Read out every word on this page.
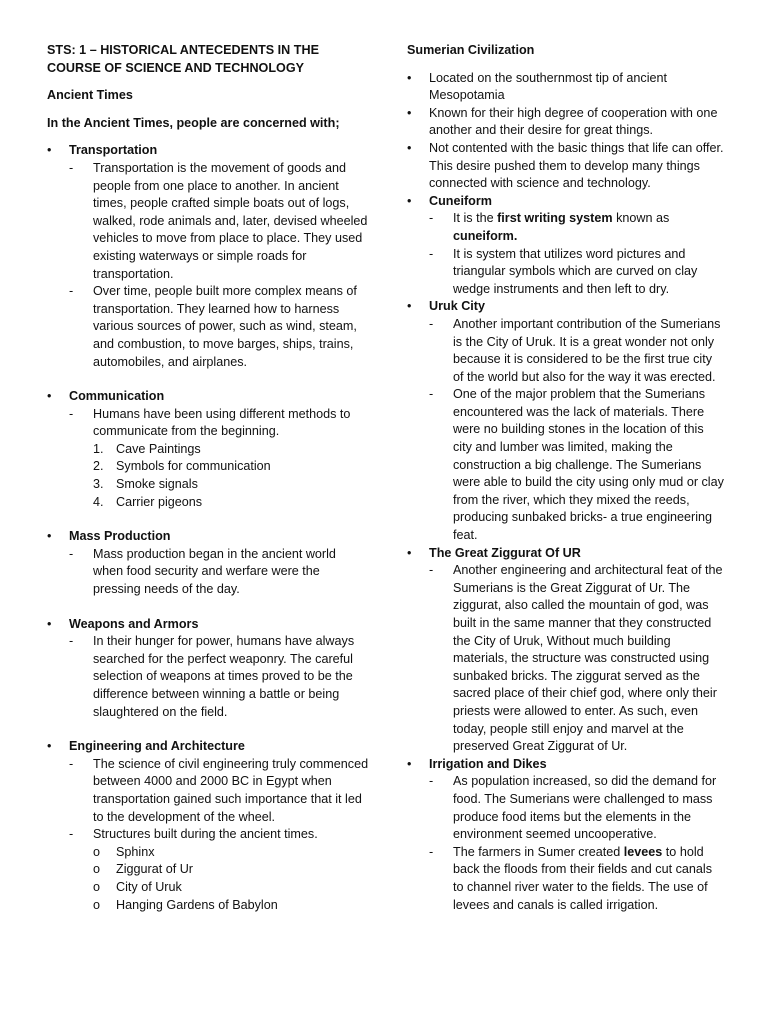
STS: 1 – HISTORICAL ANTECEDENTS IN THE COURSE OF SCIENCE AND TECHNOLOGY
Ancient Times
In the Ancient Times, people are concerned with;
•	Transportation
- Transportation is the movement of goods and people from one place to another. In ancient times, people crafted simple boats out of logs, walked, rode animals and, later, devised wheeled vehicles to move from place to place. They used existing waterways or simple roads for transportation.
- Over time, people built more complex means of transportation. They learned how to harness various sources of power, such as wind, steam, and combustion, to move barges, ships, trains, automobiles, and airplanes.
•	Communication
- Humans have been using different methods to communicate from the beginning.
1. Cave Paintings
2. Symbols for communication
3. Smoke signals
4. Carrier pigeons
•	Mass Production
- Mass production began in the ancient world when food security and werfare were the pressing needs of the day.
•	Weapons and Armors
- In their hunger for power, humans have always searched for the perfect weaponry. The careful selection of weapons at times proved to be the difference between winning a battle or being slaughtered on the field.
•	Engineering and Architecture
- The science of civil engineering truly commenced between 4000 and 2000 BC in Egypt when transportation gained such importance that it led to the development of the wheel.
- Structures built during the ancient times.
o Sphinx
o Ziggurat of Ur
o City of Uruk
o Hanging Gardens of Babylon
Sumerian Civilization
•	Located on the southernmost tip of ancient Mesopotamia
•	Known for their high degree of cooperation with one another and their desire for great things.
•	Not contented with the basic things that life can offer. This desire pushed them to develop many things connected with science and technology.
•	Cuneiform
- It is the first writing system known as cuneiform.
- It is system that utilizes word pictures and triangular symbols which are curved on clay wedge instruments and then left to dry.
•	Uruk City
- Another important contribution of the Sumerians is the City of Uruk. It is a great wonder not only because it is considered to be the first true city of the world but also for the way it was erected.
- One of the major problem that the Sumerians encountered was the lack of materials. There were no building stones in the location of this city and lumber was limited, making the construction a big challenge. The Sumerians were able to build the city using only mud or clay from the river, which they mixed the reeds, producing sunbaked bricks- a true engineering feat.
•	The Great Ziggurat Of UR
- Another engineering and architectural feat of the Sumerians is the Great Ziggurat of Ur. The ziggurat, also called the mountain of god, was built in the same manner that they constructed the City of Uruk, Without much building materials, the structure was constructed using sunbaked bricks. The ziggurat served as the sacred place of their chief god, where only their priests were allowed to enter. As such, even today, people still enjoy and marvel at the preserved Great Ziggurat of Ur.
•	Irrigation and Dikes
- As population increased, so did the demand for food. The Sumerians were challenged to mass produce food items but the elements in the environment seemed uncooperative.
- The farmers in Sumer created levees to hold back the floods from their fields and cut canals to channel river water to the fields. The use of levees and canals is called irrigation.
